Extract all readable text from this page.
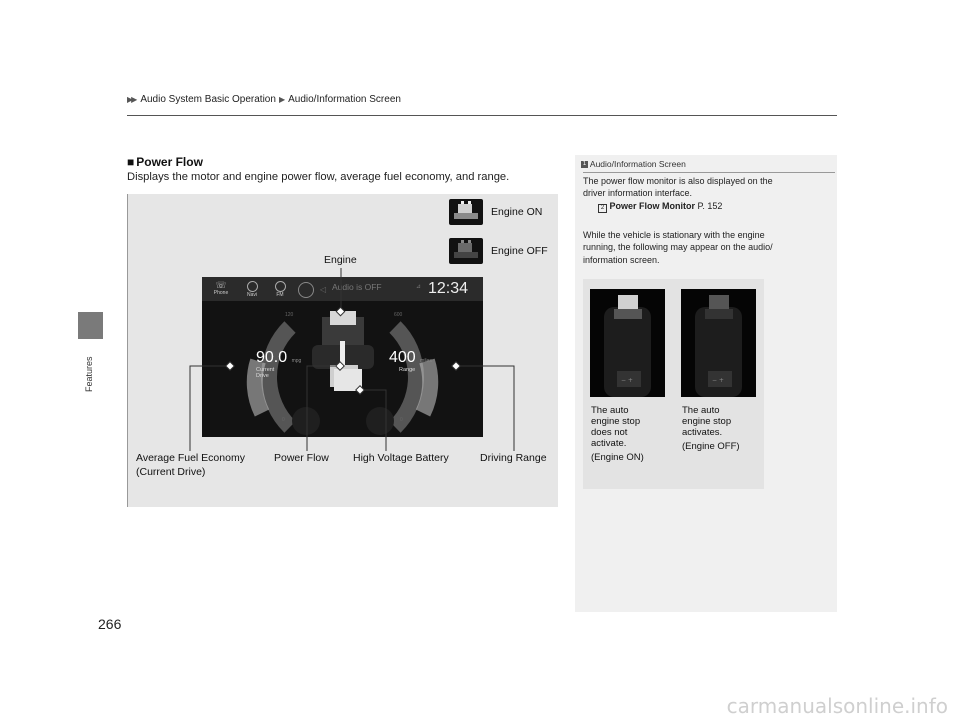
▶▶ Audio System Basic Operation ▶ Audio/Information Screen
Features
266
■ Power Flow
Displays the motor and engine power flow, average fuel economy, and range.
Engine ON
Engine OFF
Engine
☏
Phone	Navi	FM
◁ Audio is OFF	⊿ 12:34
120	600
0	0
90.0 mpg
Current
Drive
400 miles
Range
Average Fuel Economy
(Current Drive)
Power Flow High Voltage Battery	Driving Range
1 Audio/Information Screen
The power flow monitor is also displayed on the
driver information interface.
2 Power Flow Monitor P. 152
While the vehicle is stationary with the engine
running, the following may appear on the audio/
information screen.
− +	− +
The auto
engine stop
does not
activate.
(Engine ON)
The auto
engine stop
activates.
(Engine OFF)
carmanualsonline.info
